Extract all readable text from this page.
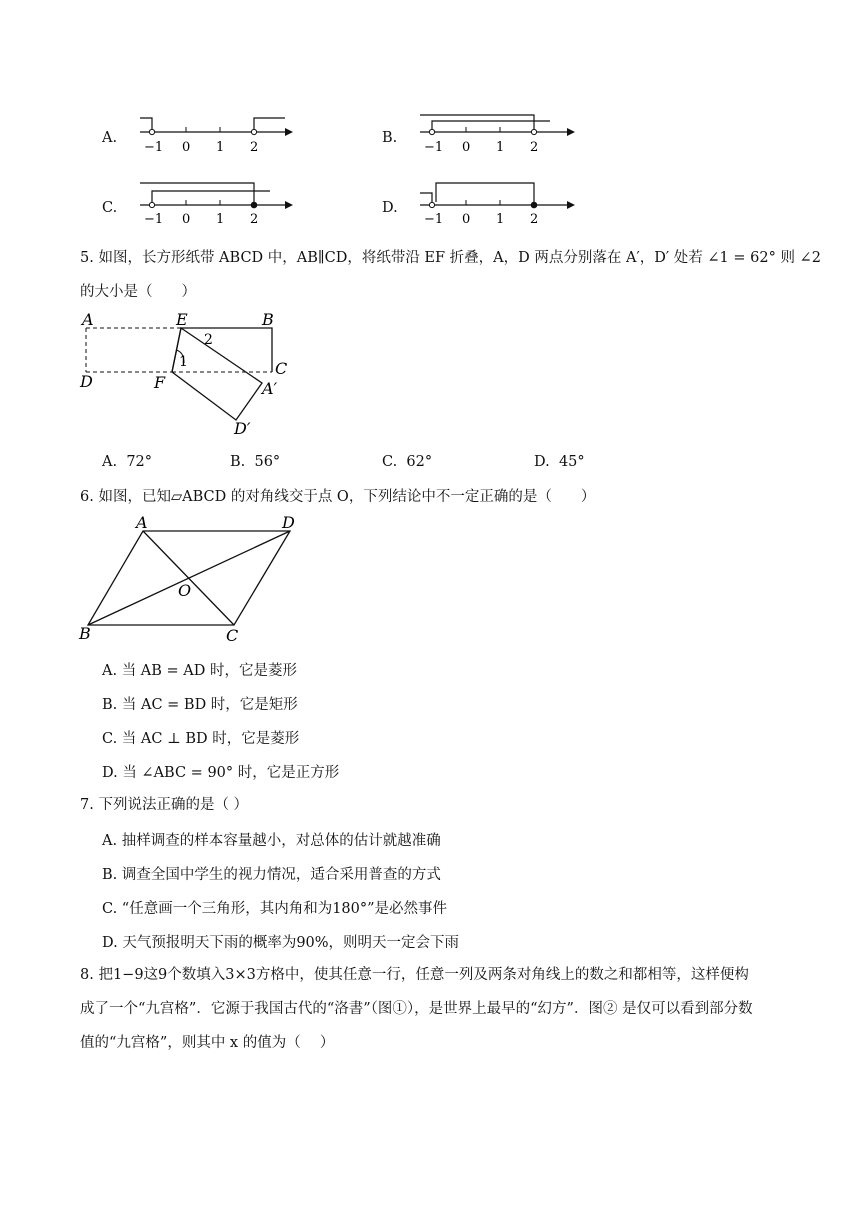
A.
−1 0 1 2
B.
−1 0 1 2
C.
−1 0 1 2
D.
−1 0 1 2
5. 如图，长方形纸带 ABCD 中，AB∥CD，将纸带沿 EF 折叠，A，D 两点分别落在 A′，D′ 处若 ∠1 = 62° 则 ∠2
的大小是（　　）
A	E	B
D	F
C
A′
D′
1
2
A. 72°	B. 56°	C. 62°	D. 45°
6. 如图，已知▱ABCD 的对角线交于点 O，下列结论中不一定正确的是（　　）
A	D
O
B	C
A. 当 AB = AD 时，它是菱形
B. 当 AC = BD 时，它是矩形
C. 当 AC ⊥ BD 时，它是菱形
D. 当 ∠ABC = 90° 时，它是正方形
7. 下列说法正确的是（ ）
A. 抽样调查的样本容量越小，对总体的估计就越准确
B. 调查全国中学生的视力情况，适合采用普查的方式
C. “任意画一个三角形，其内角和为180°”是必然事件
D. 天气预报明天下雨的概率为90%，则明天一定会下雨
8. 把1−9这9个数填入3×3方格中，使其任意一行，任意一列及两条对角线上的数之和都相等，这样便构
成了一个“九宫格”．它源于我国古代的“洛書”（图①），是世界上最早的“幻方”．图② 是仅可以看到部分数
值的“九宫格”，则其中 x 的值为（　 ）
